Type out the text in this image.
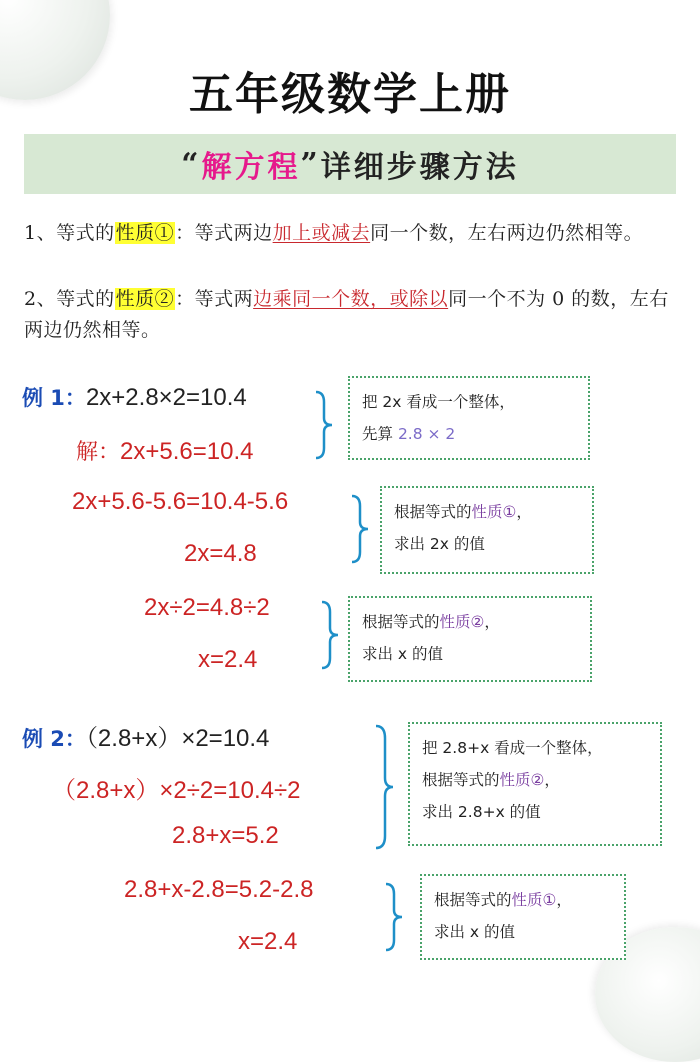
五年级数学上册
“ 解方程 ” 详细步骤方法
1、等式的性质①：等式两边加上或减去同一个数，左右两边仍然相等。
2、等式的性质②：等式两边乘同一个数，或除以同一个不为 0 的数，左右两边仍然相等。
例 1：2x+2.8×2=10.4
解：2x+5.6=10.4
把 2x 看成一个整体，
先算 2.8 × 2
2x+5.6-5.6=10.4-5.6
2x=4.8
根据等式的性质①，
求出 2x 的值
2x÷2=4.8÷2
x=2.4
根据等式的性质②，
求出 x 的值
例 2：（2.8+x）×2=10.4
（2.8+x）×2÷2=10.4÷2
2.8+x=5.2
把 2.8+x 看成一个整体，
根据等式的性质②，
求出 2.8+x 的值
2.8+x-2.8=5.2-2.8
x=2.4
根据等式的性质①，
求出 x 的值
